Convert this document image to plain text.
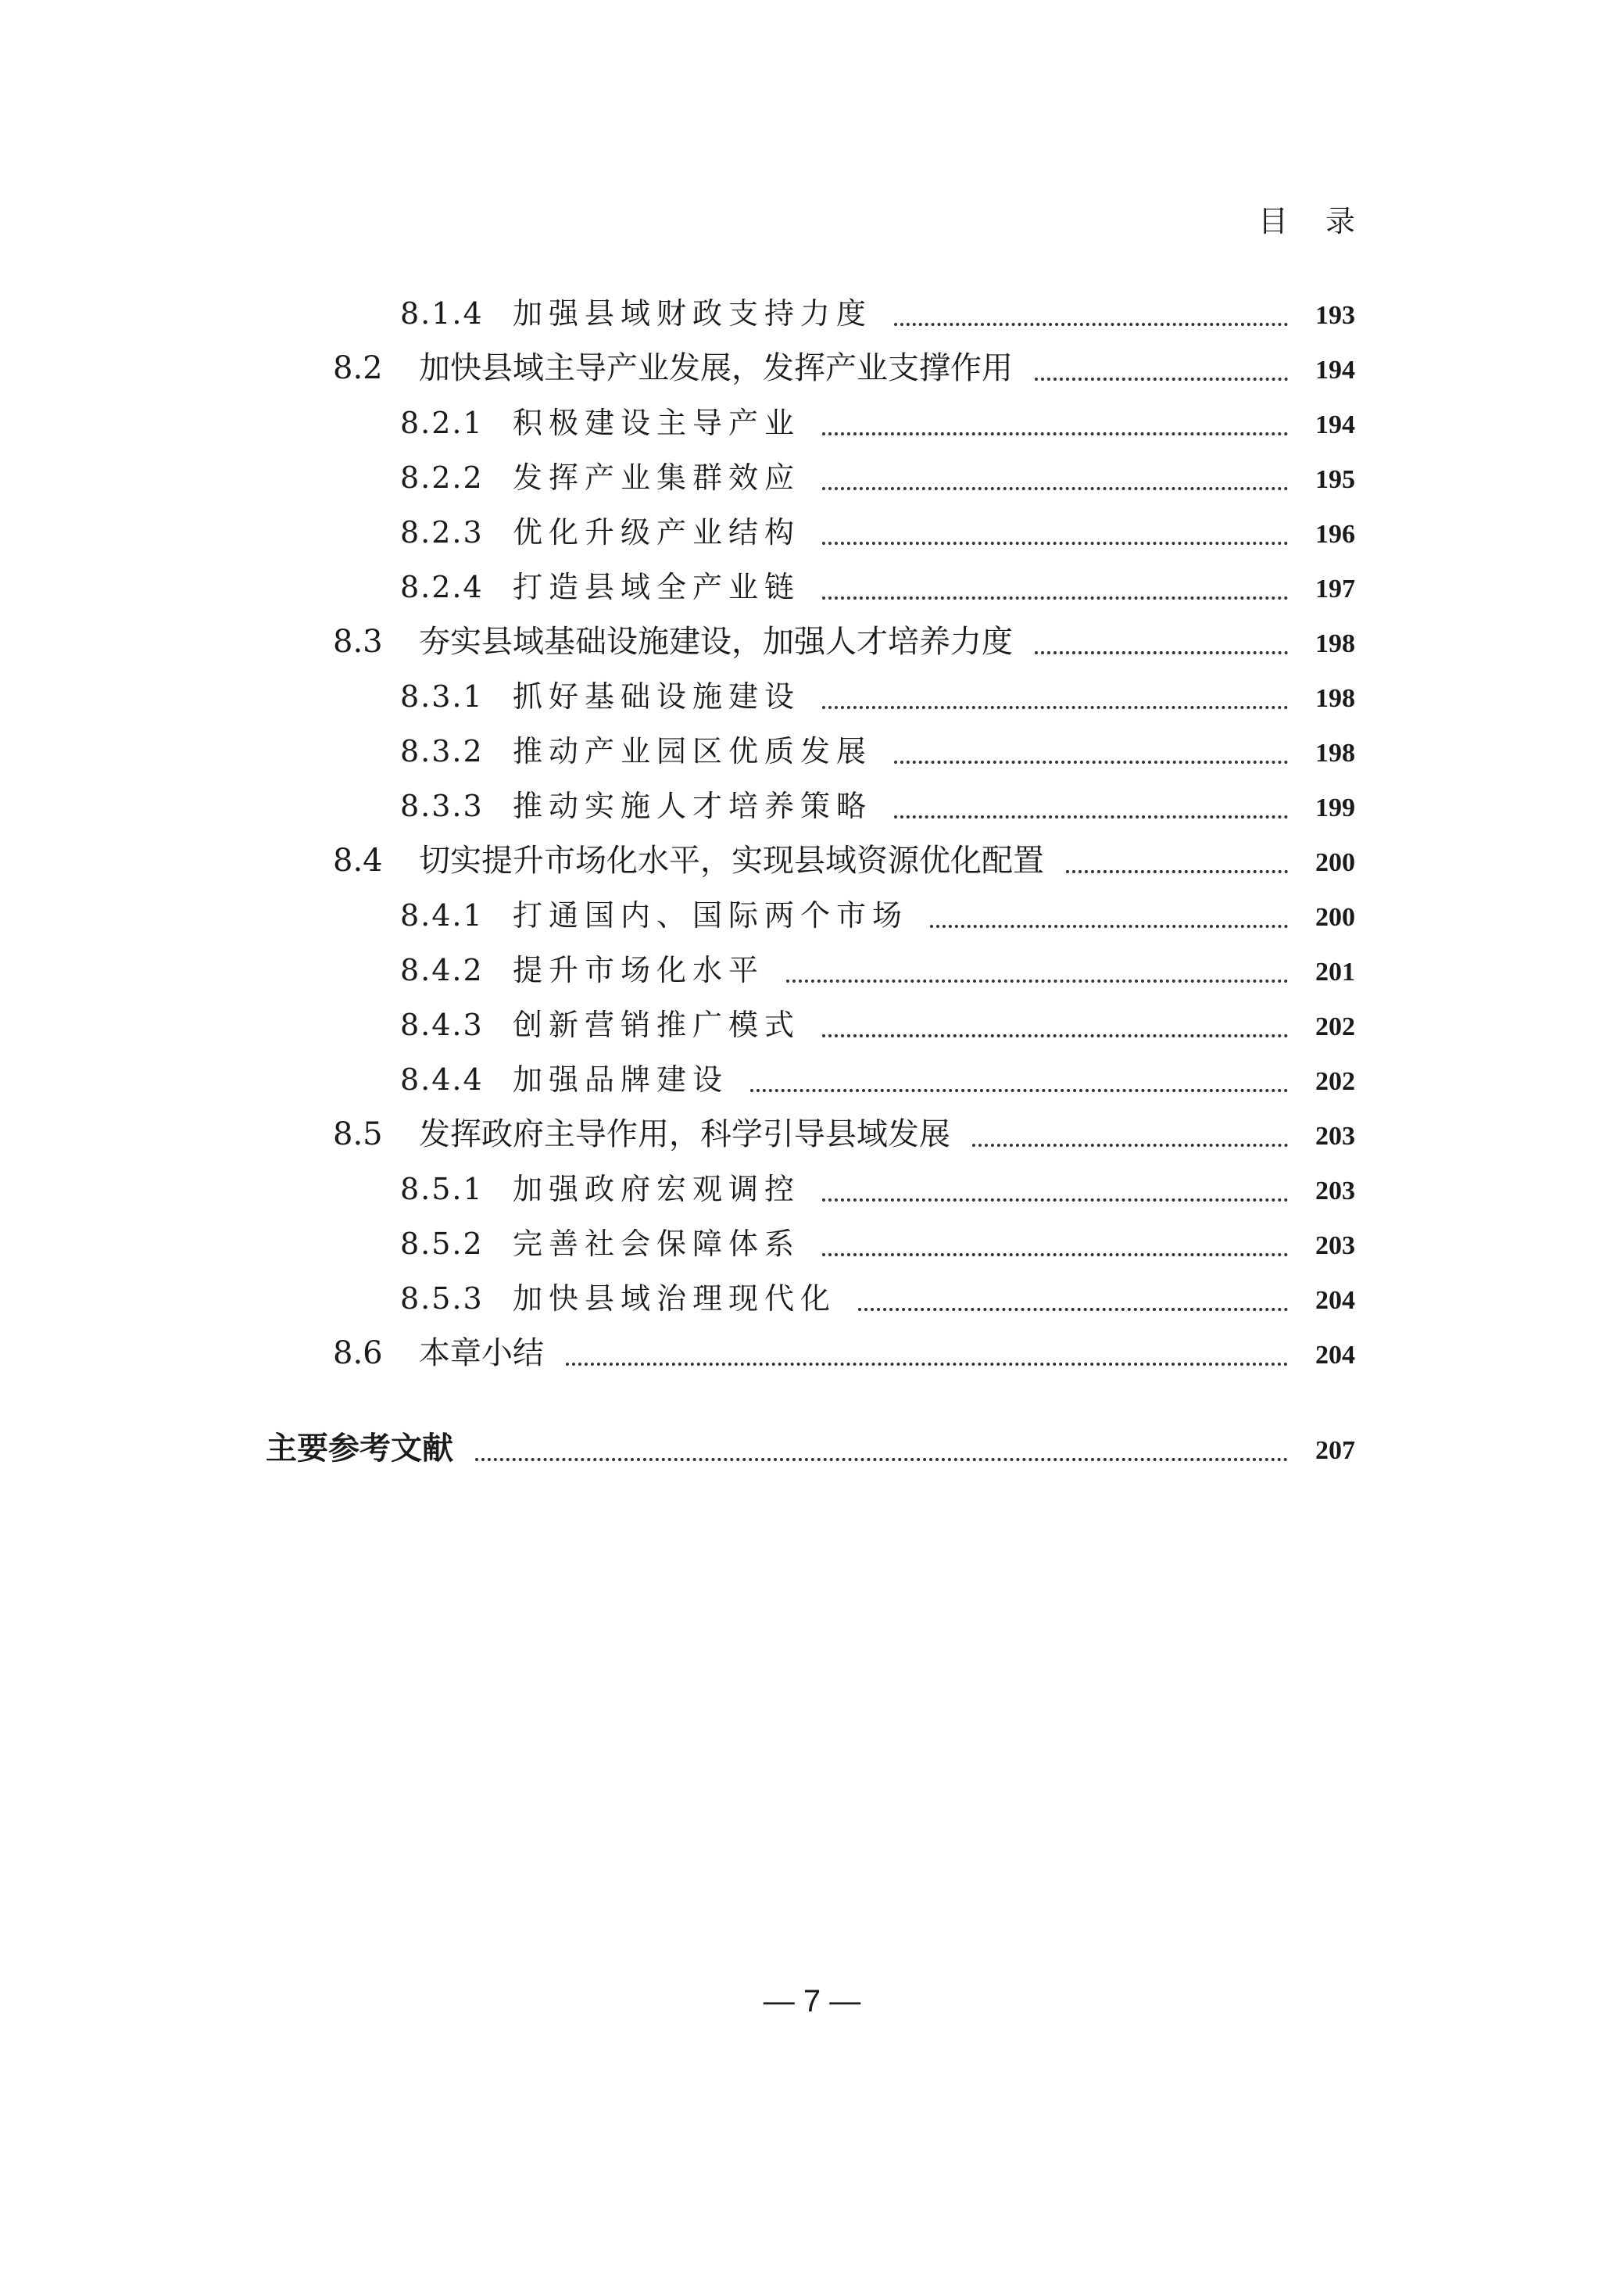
目录
8.1.4 加强县域财政支持力度	193
8.2	加快县域主导产业发展，发挥产业支撑作用	194
8.2.1 积极建设主导产业	194
8.2.2 发挥产业集群效应	195
8.2.3 优化升级产业结构	196
8.2.4 打造县域全产业链	197
8.3	夯实县域基础设施建设，加强人才培养力度	198
8.3.1 抓好基础设施建设	198
8.3.2 推动产业园区优质发展	198
8.3.3 推动实施人才培养策略	199
8.4	切实提升市场化水平，实现县域资源优化配置	200
8.4.1 打通国内、国际两个市场	200
8.4.2 提升市场化水平	201
8.4.3 创新营销推广模式	202
8.4.4 加强品牌建设	202
8.5	发挥政府主导作用，科学引导县域发展	203
8.5.1 加强政府宏观调控	203
8.5.2 完善社会保障体系	203
8.5.3 加快县域治理现代化	204
8.6	本章小结	204
主要参考文献	207
— 7 —
